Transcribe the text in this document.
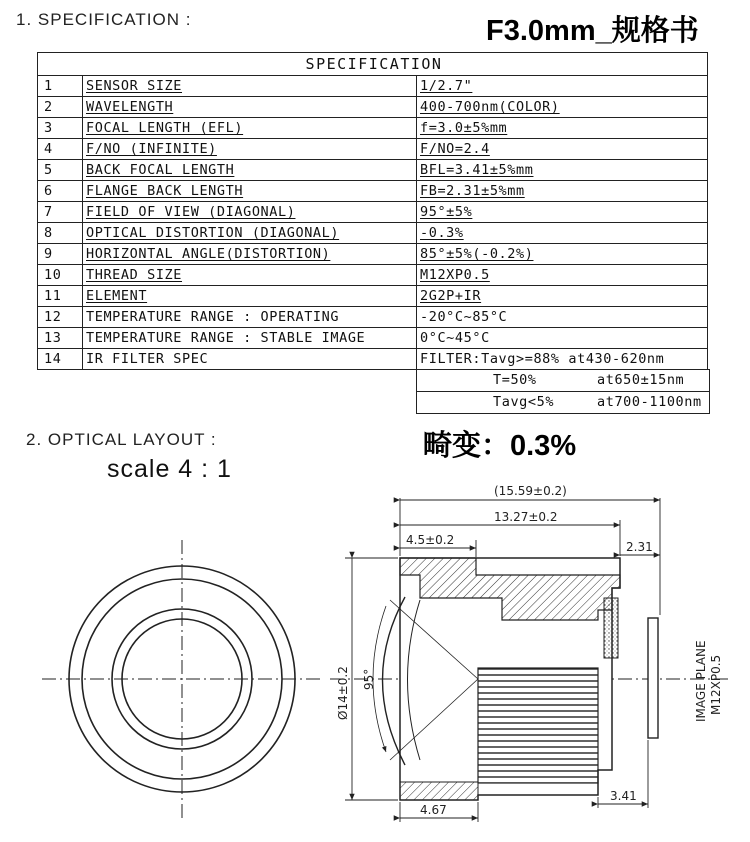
1. SPECIFICATION :	F3.0mm_规格书
SPECIFICATION		
1	SENSOR SIZE	1/2.7"
2	WAVELENGTH	400-700nm(COLOR)
3	FOCAL LENGTH (EFL)	f=3.0±5%mm
4	F/NO (INFINITE)	F/NO=2.4
5	BACK FOCAL LENGTH	BFL=3.41±5%mm
6	FLANGE BACK LENGTH	FB=2.31±5%mm
7	FIELD OF VIEW (DIAGONAL)	95°±5%
8	OPTICAL DISTORTION (DIAGONAL)	-0.3%
9	HORIZONTAL ANGLE(DISTORTION)	85°±5%(-0.2%)
10	THREAD SIZE	M12XP0.5
11	ELEMENT	2G2P+IR
12	TEMPERATURE RANGE : OPERATING	-20°C~85°C
13	TEMPERATURE RANGE : STABLE IMAGE	0°C~45°C
14	IR FILTER SPEC	FILTER:Tavg>=88% at430-620nm
T=50%	at650±15nm
Tavg<5%	at700-1100nm
2. OPTICAL LAYOUT :
scale 4 : 1
畸变：0.3%
(15.59±0.2)
13.27±0.2
4.5±0.2	2.31
Ø14±0.2 95°
4.67
3.41
IMAGE PLANE M12XP0.5
